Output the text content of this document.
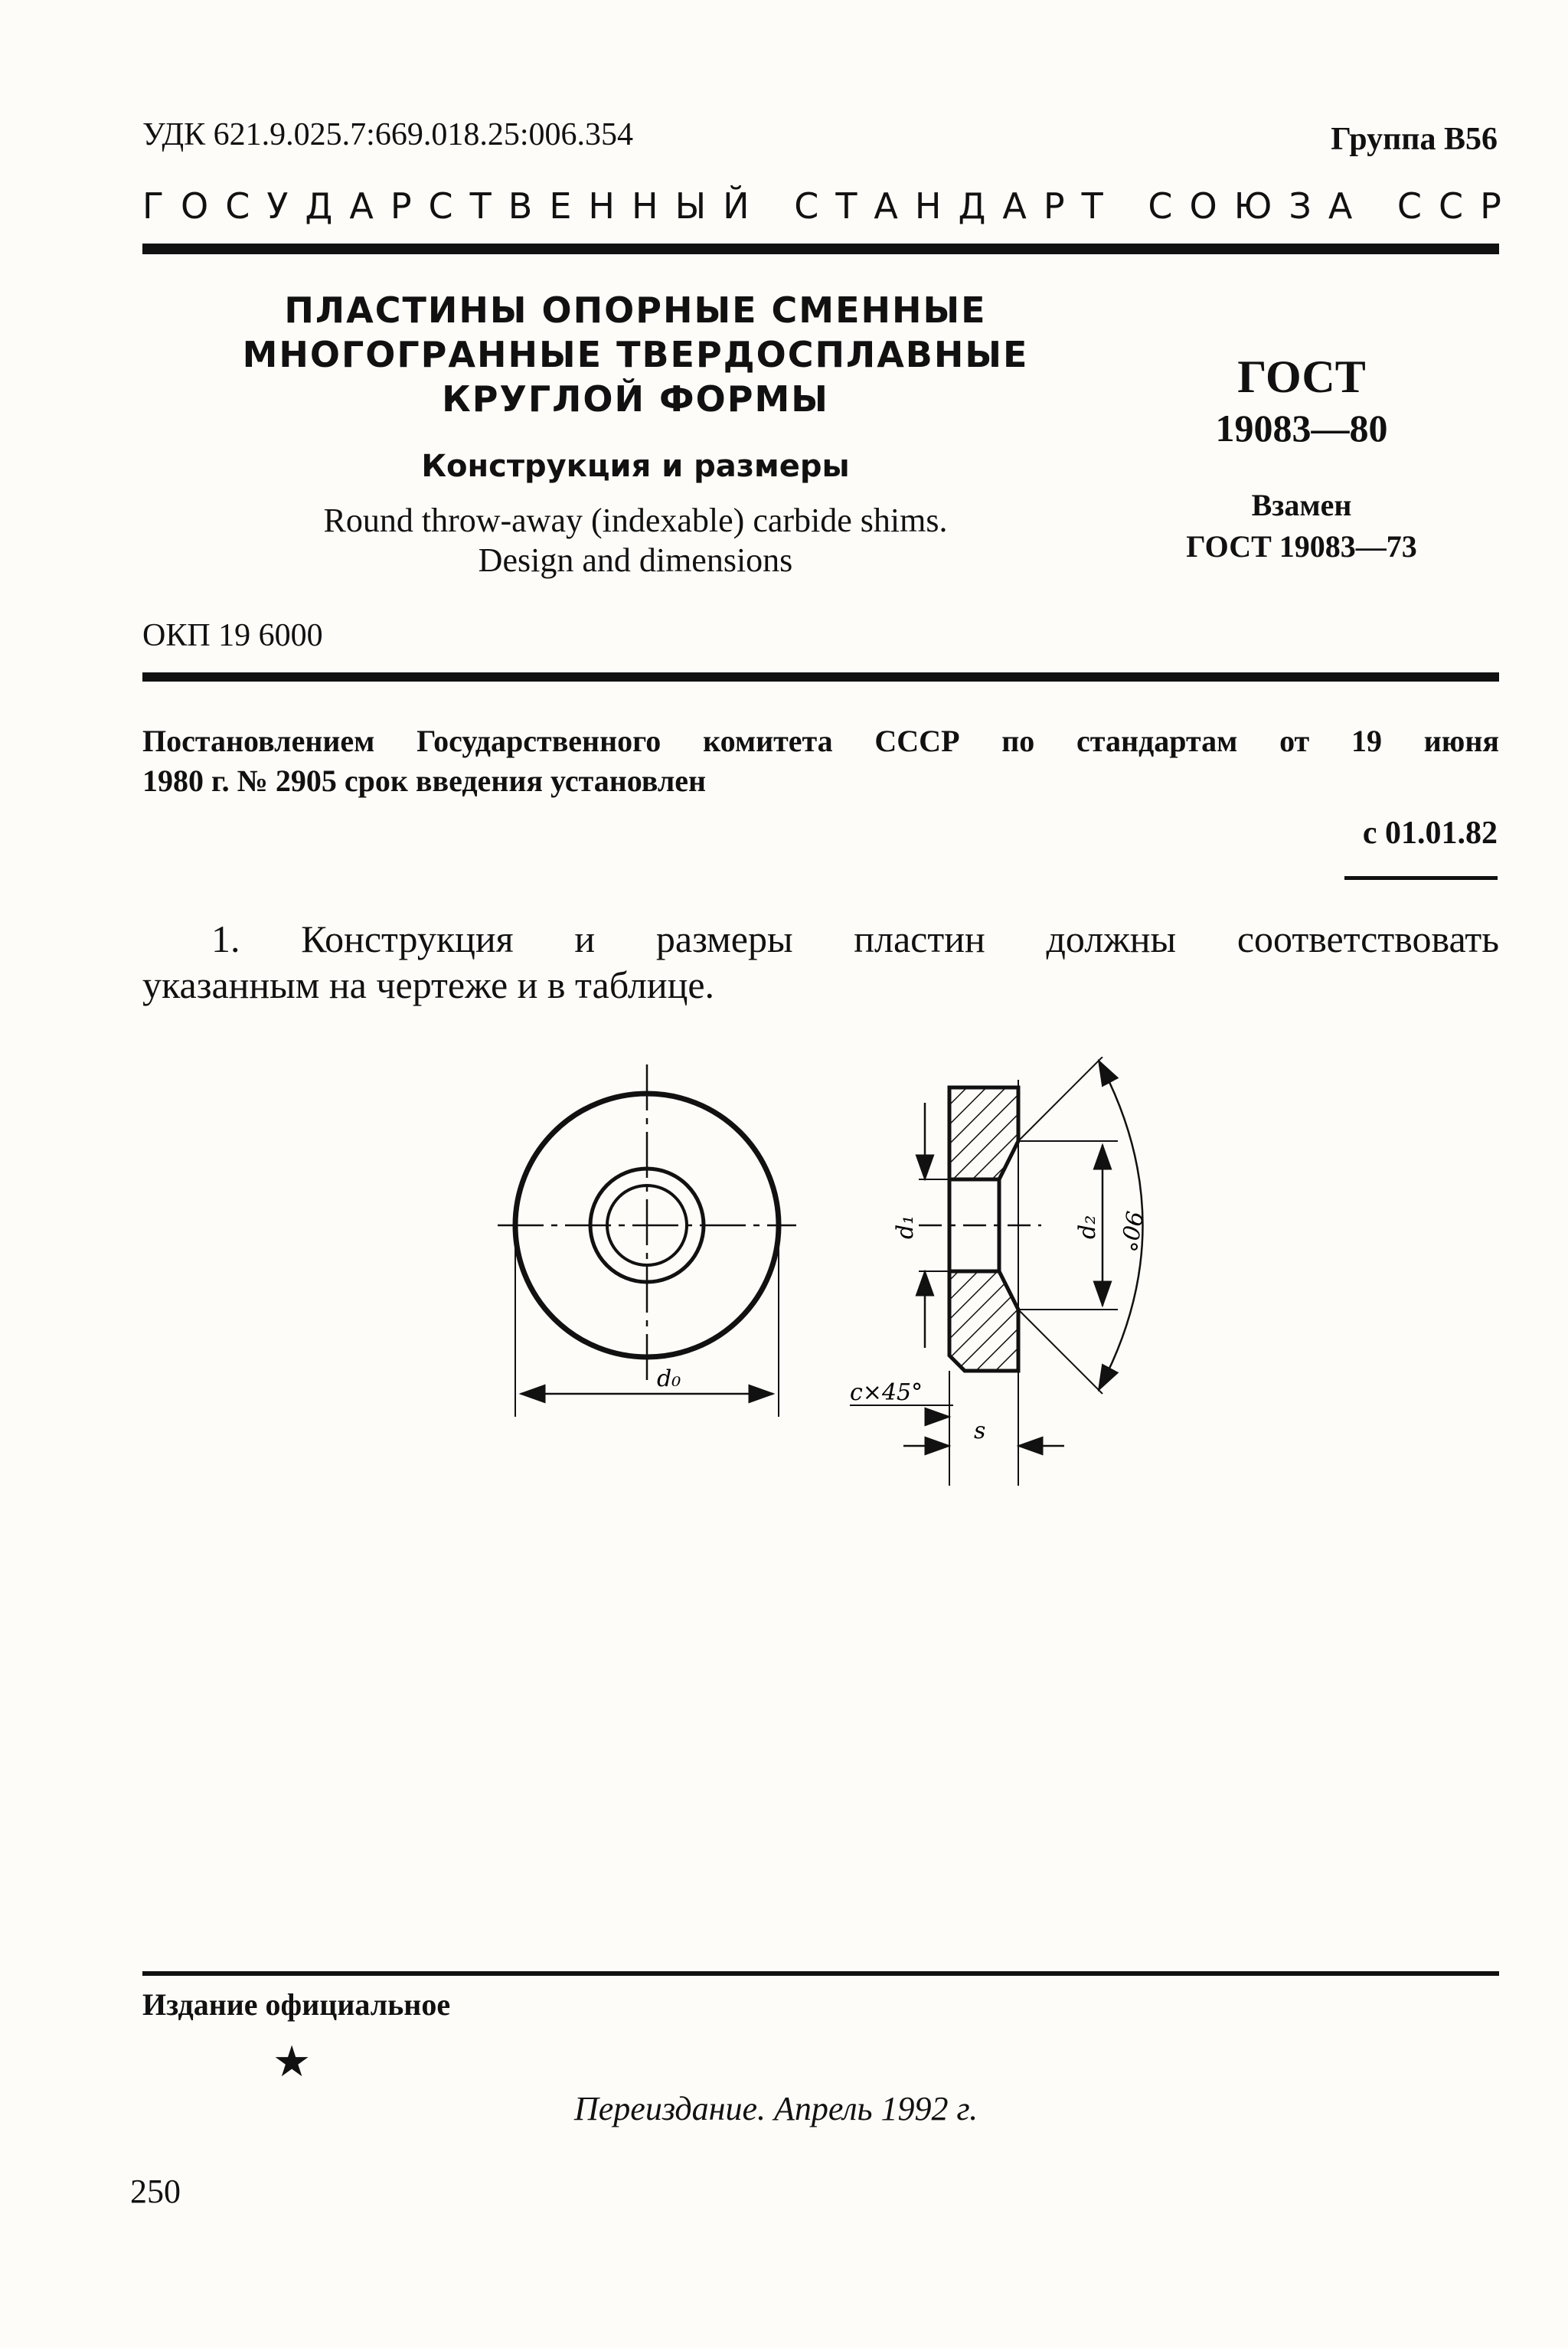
УДК 621.9.025.7:669.018.25:006.354	Группа В56
ГОСУДАРСТВЕННЫЙ СТАНДАРТ СОЮЗА ССР
ПЛАСТИНЫ ОПОРНЫЕ СМЕННЫЕ
МНОГОГРАННЫЕ ТВЕРДОСПЛАВНЫЕ
КРУГЛОЙ ФОРМЫ
Конструкция и размеры
Round throw-away (indexable) carbide shims.
Design and dimensions
ГОСТ
19083—80
Взамен
ГОСТ 19083—73
ОКП 19 6000
Постановлением Государственного комитета СССР по стандартам от 19 июня
1980 г. № 2905 срок введения установлен
с 01.01.82
1. Конструкция и размеры пластин должны соответствовать
указанным на чертеже и в таблице.
d₀
d₁	d₂ 90°
c×45°
s
Издание официальное
★
Переиздание. Апрель 1992 г.
250
